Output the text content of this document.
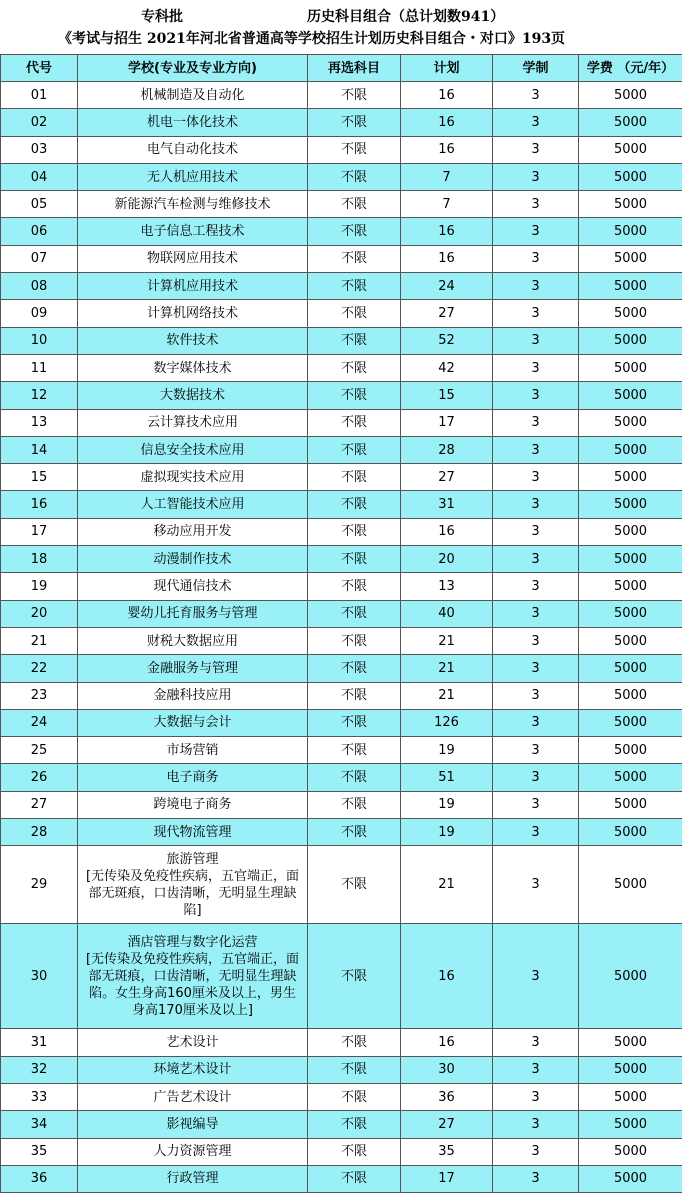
专科批	历史科目组合（总计划数941）
《考试与招生 2021年河北省普通高等学校招生计划历史科目组合・对口》193页
代号	学校(专业及专业方向)	再选科目	计划	学制	学费 （元/年）
01	机械制造及自动化	不限	16	3	5000
02	机电一体化技术	不限	16	3	5000
03	电气自动化技术	不限	16	3	5000
04	无人机应用技术	不限	7	3	5000
05	新能源汽车检测与维修技术	不限	7	3	5000
06	电子信息工程技术	不限	16	3	5000
07	物联网应用技术	不限	16	3	5000
08	计算机应用技术	不限	24	3	5000
09	计算机网络技术	不限	27	3	5000
10	软件技术	不限	52	3	5000
11	数字媒体技术	不限	42	3	5000
12	大数据技术	不限	15	3	5000
13	云计算技术应用	不限	17	3	5000
14	信息安全技术应用	不限	28	3	5000
15	虚拟现实技术应用	不限	27	3	5000
16	人工智能技术应用	不限	31	3	5000
17	移动应用开发	不限	16	3	5000
18	动漫制作技术	不限	20	3	5000
19	现代通信技术	不限	13	3	5000
20	婴幼儿托育服务与管理	不限	40	3	5000
21	财税大数据应用	不限	21	3	5000
22	金融服务与管理	不限	21	3	5000
23	金融科技应用	不限	21	3	5000
24	大数据与会计	不限	126	3	5000
25	市场营销	不限	19	3	5000
26	电子商务	不限	51	3	5000
27	跨境电子商务	不限	19	3	5000
28	现代物流管理	不限	19	3	5000
29	旅游管理
[无传染及免疫性疾病，五官端正，面部无斑痕，口齿清晰，无明显生理缺陷]	不限	21	3	5000
30	酒店管理与数字化运营
[无传染及免疫性疾病，五官端正，面部无斑痕，口齿清晰，无明显生理缺陷。女生身高160厘米及以上，男生身高170厘米及以上]	不限	16	3	5000
31	艺术设计	不限	16	3	5000
32	环境艺术设计	不限	30	3	5000
33	广告艺术设计	不限	36	3	5000
34	影视编导	不限	27	3	5000
35	人力资源管理	不限	35	3	5000
36	行政管理	不限	17	3	5000
